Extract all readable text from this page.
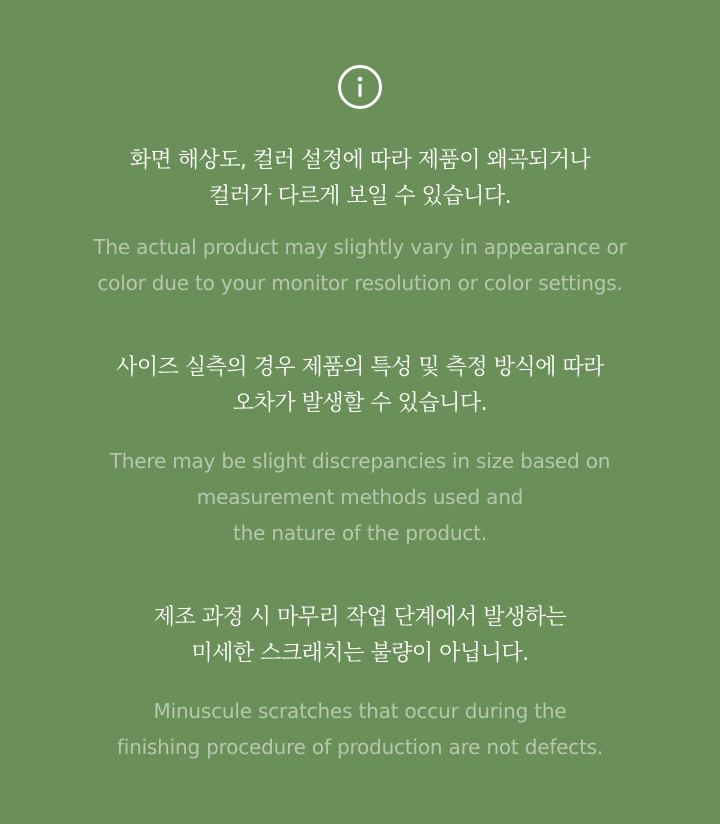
화면 해상도, 컬러 설정에 따라 제품이 왜곡되거나
컬러가 다르게 보일 수 있습니다.
The actual product may slightly vary in appearance or
color due to your monitor resolution or color settings.
사이즈 실측의 경우 제품의 특성 및 측정 방식에 따라
오차가 발생할 수 있습니다.
There may be slight discrepancies in size based on
measurement methods used and
the nature of the product.
제조 과정 시 마무리 작업 단계에서 발생하는
미세한 스크래치는 불량이 아닙니다.
Minuscule scratches that occur during the
finishing procedure of production are not defects.
